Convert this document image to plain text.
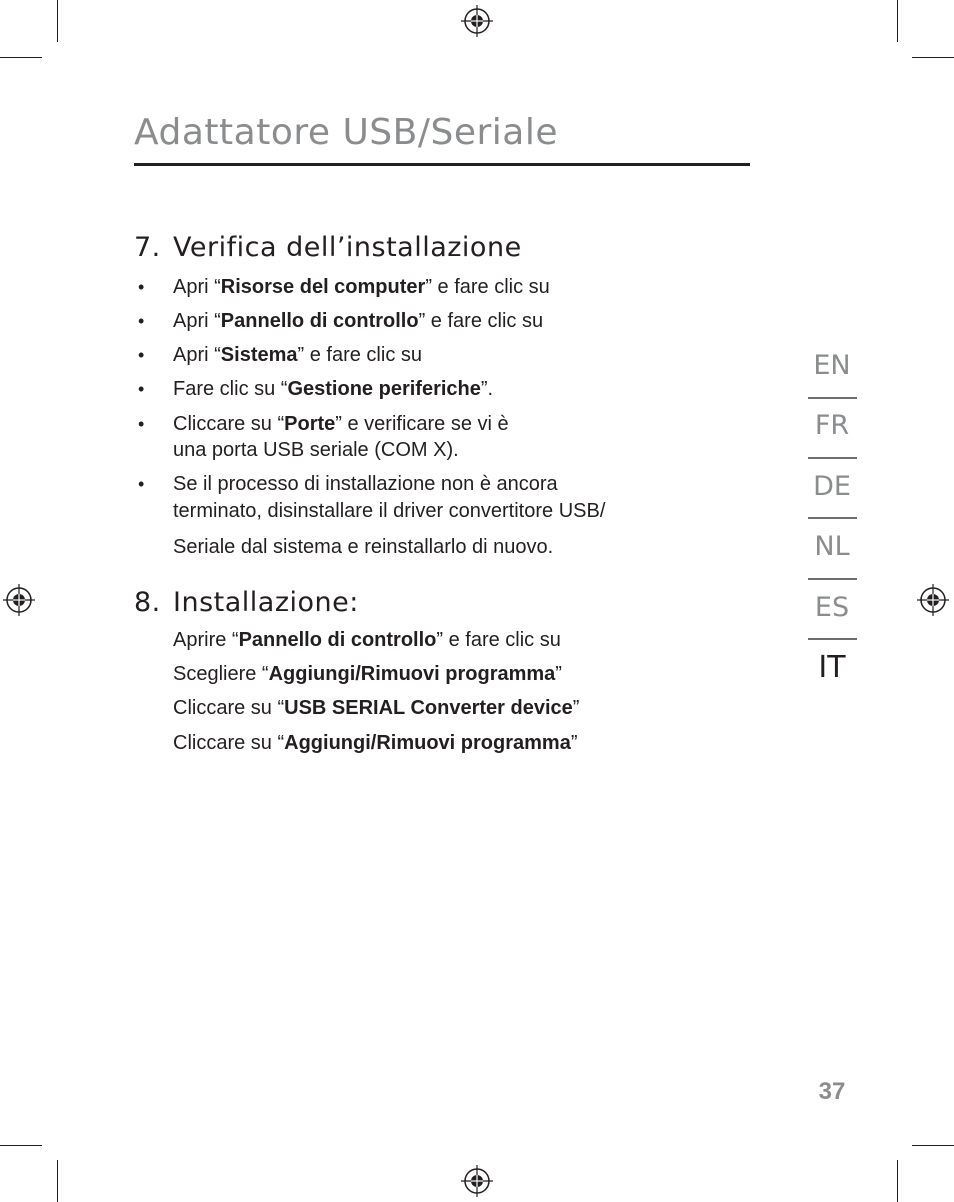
Adattatore USB/Seriale
7. Verifica dell’installazione
• Apri “Risorse del computer” e fare clic su
• Apri “Pannello di controllo” e fare clic su
• Apri “Sistema” e fare clic su
• Fare clic su “Gestione periferiche”.
• Cliccare su “Porte” e verificare se vi è
una porta USB seriale (COM X).
• Se il processo di installazione non è ancora
terminato, disinstallare il driver convertitore USB/
Seriale dal sistema e reinstallarlo di nuovo.
8. Installazione:
Aprire “Pannello di controllo” e fare clic su
Scegliere “Aggiungi/Rimuovi programma”
Cliccare su “USB SERIAL Converter device”
Cliccare su “Aggiungi/Rimuovi programma”
EN
FR
DE
NL
ES
IT
37
